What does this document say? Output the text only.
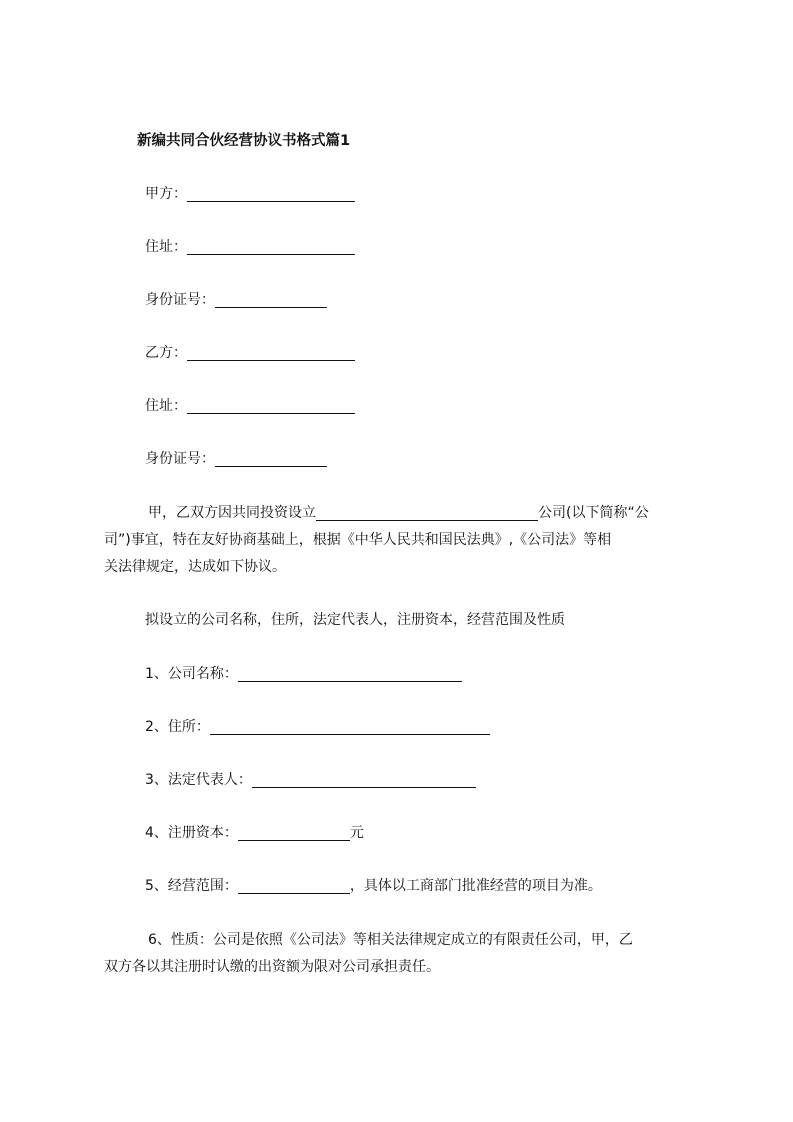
新编共同合伙经营协议书格式篇1
甲方：
住址：
身份证号：
乙方：
住址：
身份证号：
甲，乙双方因共同投资设立	公司(以下简称“公
司”)事宜，特在友好协商基础上，根据《中华人民共和国民法典》,《公司法》等相
关法律规定，达成如下协议。
拟设立的公司名称，住所，法定代表人，注册资本，经营范围及性质
1、公司名称：
2、住所：
3、法定代表人：
4、注册资本：	元
5、经营范围：	，具体以工商部门批准经营的项目为准。
6、性质：公司是依照《公司法》等相关法律规定成立的有限责任公司，甲，乙
双方各以其注册时认缴的出资额为限对公司承担责任。
